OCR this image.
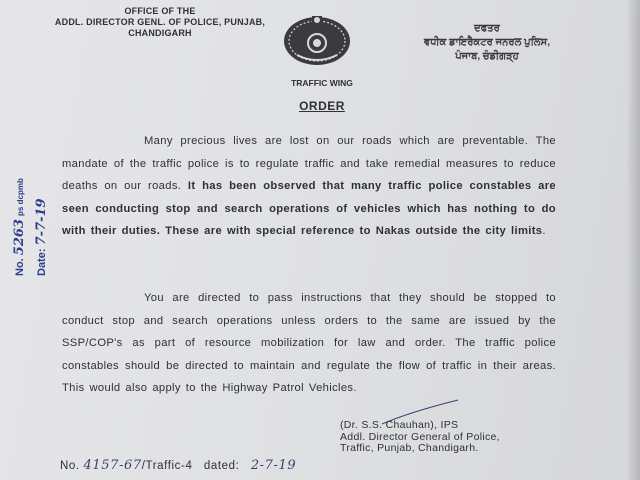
OFFICE OF THE
ADDL. DIRECTOR GENL. OF POLICE, PUNJAB,
CHANDIGARH	ਦਫਤਰ
ਵਧੀਕ ਡਾਇਰੈਕਟਰ ਜਨਰਲ ਪੁਲਿਸ,
ਪੰਜਾਬ, ਚੰਡੀਗੜ੍ਹ
TRAFFIC WING
ORDER
Many precious lives are lost on our roads which are preventable. The mandate of the traffic police is to regulate traffic and take remedial measures to reduce deaths on our roads. It has been observed that many traffic police constables are seen conducting stop and search operations of vehicles which has nothing to do with their duties. These are with special reference to Nakas outside the city limits.
You are directed to pass instructions that they should be stopped to conduct stop and search operations unless orders to the same are issued by the SSP/COP's as part of resource mobilization for law and order. The traffic police constables should be directed to maintain and regulate the flow of traffic in their areas. This would also apply to the Highway Patrol Vehicles.
(Dr. S.S. Chauhan), IPS
Addl. Director General of Police,
Traffic, Punjab, Chandigarh.
No. 4157-67/Traffic-4 dated: 2-7-19
No. 5263 ps dcpmb
Date: 7-7-19
